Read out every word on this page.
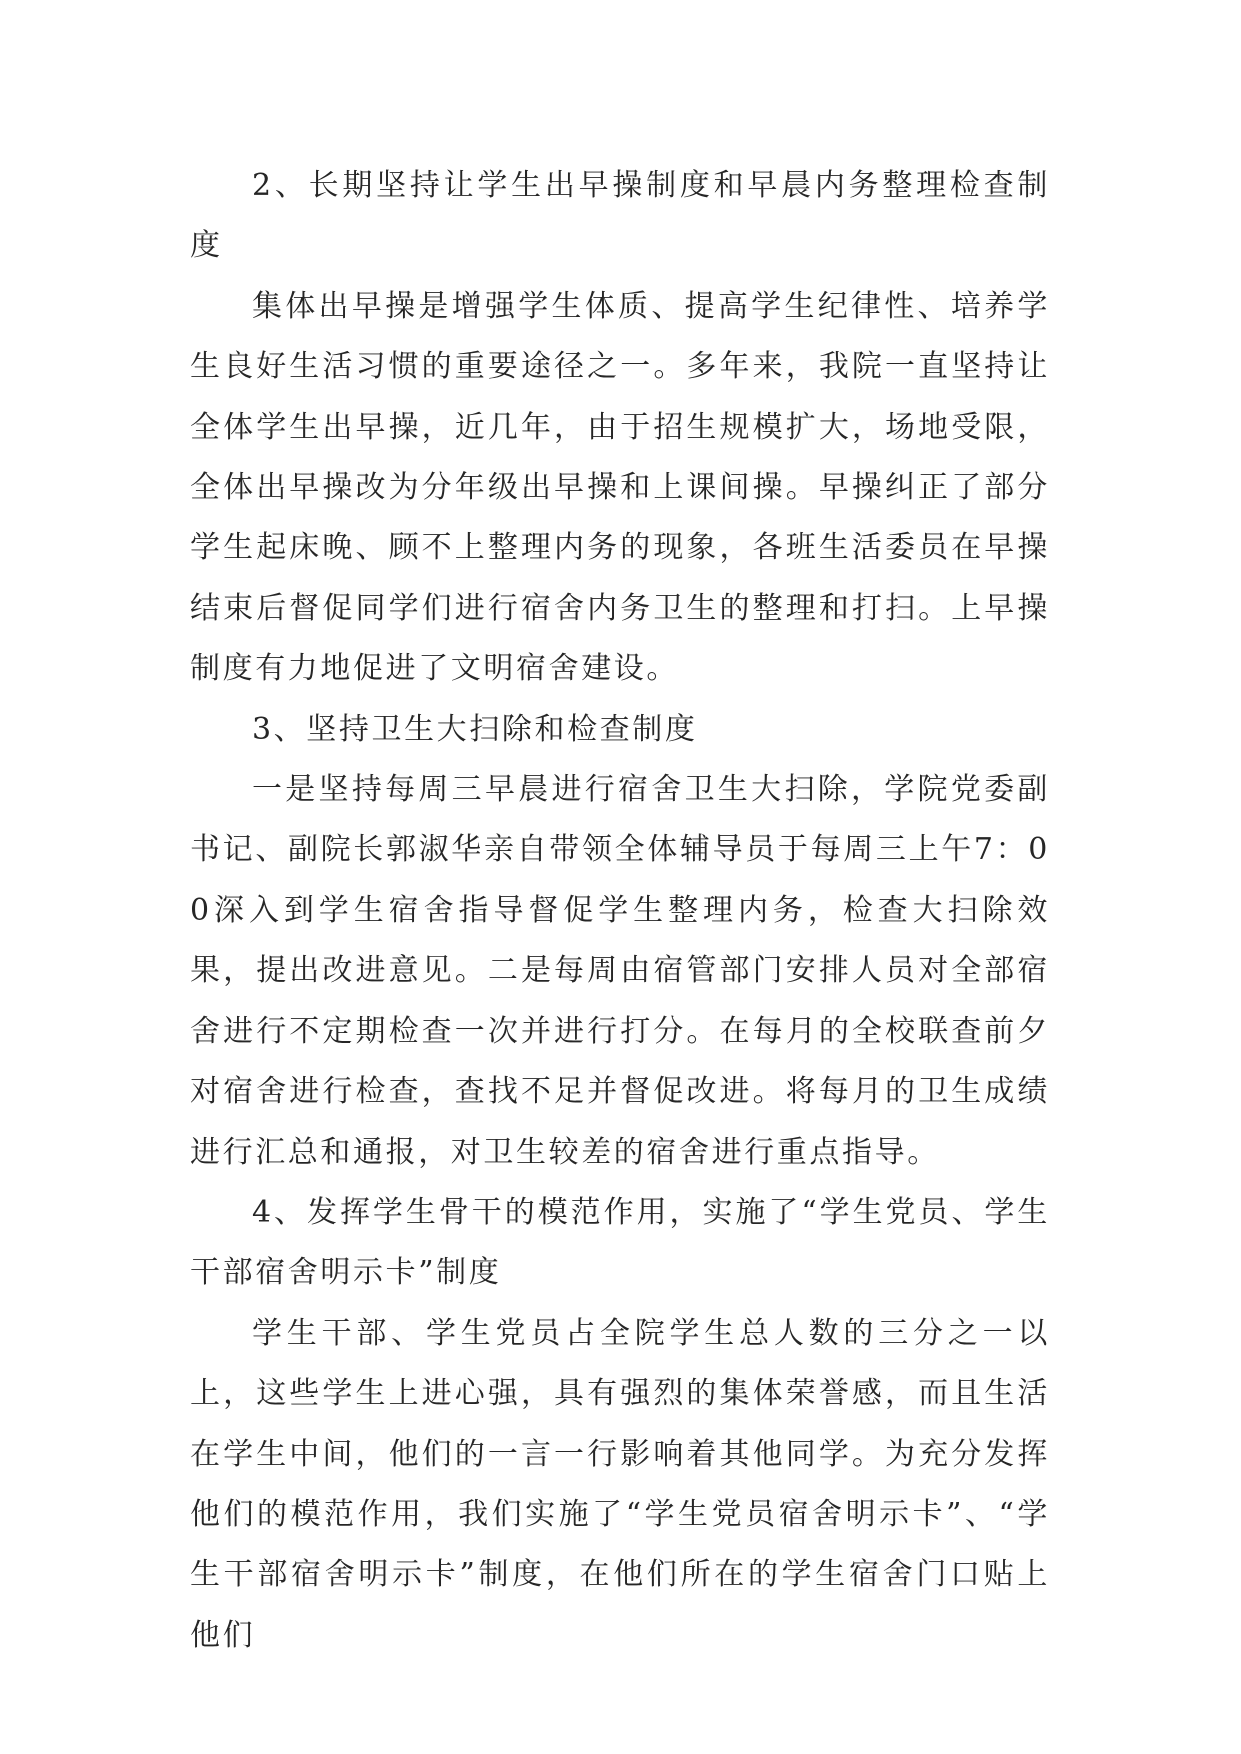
2、长期坚持让学生出早操制度和早晨内务整理检查制度

集体出早操是增强学生体质、提高学生纪律性、培养学生良好生活习惯的重要途径之一。多年来，我院一直坚持让全体学生出早操，近几年，由于招生规模扩大，场地受限，全体出早操改为分年级出早操和上课间操。早操纠正了部分学生起床晚、顾不上整理内务的现象，各班生活委员在早操结束后督促同学们进行宿舍内务卫生的整理和打扫。上早操制度有力地促进了文明宿舍建设。

3、坚持卫生大扫除和检查制度

一是坚持每周三早晨进行宿舍卫生大扫除，学院党委副书记、副院长郭淑华亲自带领全体辅导员于每周三上午7：00深入到学生宿舍指导督促学生整理内务，检查大扫除效果，提出改进意见。二是每周由宿管部门安排人员对全部宿舍进行不定期检查一次并进行打分。在每月的全校联查前夕对宿舍进行检查，查找不足并督促改进。将每月的卫生成绩进行汇总和通报，对卫生较差的宿舍进行重点指导。

4、发挥学生骨干的模范作用，实施了“学生党员、学生干部宿舍明示卡”制度

学生干部、学生党员占全院学生总人数的三分之一以上，这些学生上进心强，具有强烈的集体荣誉感，而且生活在学生中间，他们的一言一行影响着其他同学。为充分发挥他们的模范作用，我们实施了“学生党员宿舍明示卡”、“学生干部宿舍明示卡”制度，在他们所在的学生宿舍门口贴上他们
